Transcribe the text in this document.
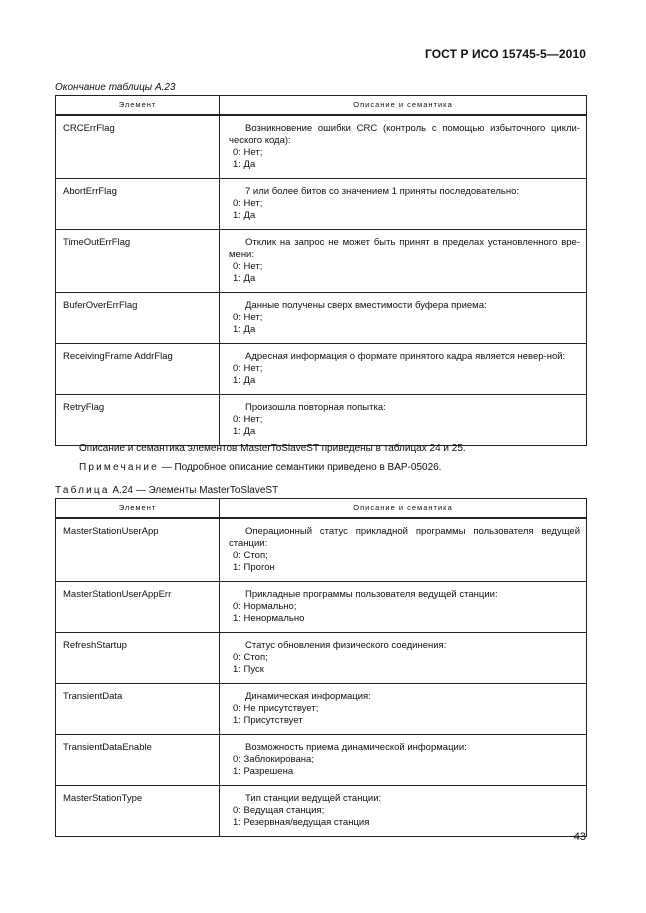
ГОСТ Р ИСО 15745-5—2010
Окончание таблицы А.23
Элемент	Описание и семантика
CRCErrFlag	Возникновение ошибки CRC (контроль с помощью избыточного цикли-ческого кода):
0: Нет;
1: Да

AbortErrFlag	7 или более битов со значением 1 приняты последовательно:
0: Нет;
1: Да

TimeOutErrFlag	Отклик на запрос не может быть принят в пределах установленного вре-мени:
0: Нет;
1: Да

BuferOverErrFlag	Данные получены сверх вместимости буфера приема:
0: Нет;
1: Да

ReceivingFrame AddrFlag	Адресная информация о формате принятого кадра является невер-ной:
0: Нет;
1: Да

RetryFlag	Произошла повторная попытка:
0: Нет;
1: Да
Описание и семантика элементов MasterToSlaveST приведены в таблицах 24 и 25.
Примечание — Подробное описание семантики приведено в BAP-05026.
Таблица А.24 — Элементы MasterToSlaveST
Элемент	Описание и семантика
MasterStationUserApp	Операционный статус прикладной программы пользователя ведущей станции:
0: Стоп;
1: Прогон

MasterStationUserAppErr	Прикладные программы пользователя ведущей станции:
0: Нормально;
1: Ненормально

RefreshStartup	Статус обновления физического соединения:
0: Стоп;
1: Пуск

TransientData	Динамическая информация:
0: Не присутствует;
1: Присутствует

TransientDataEnable	Возможность приема динамической информации:
0: Заблокирована;
1: Разрешена

MasterStationType	Тип станции ведущей станции:
0: Ведущая станция;
1: Резервная/ведущая станция
43
